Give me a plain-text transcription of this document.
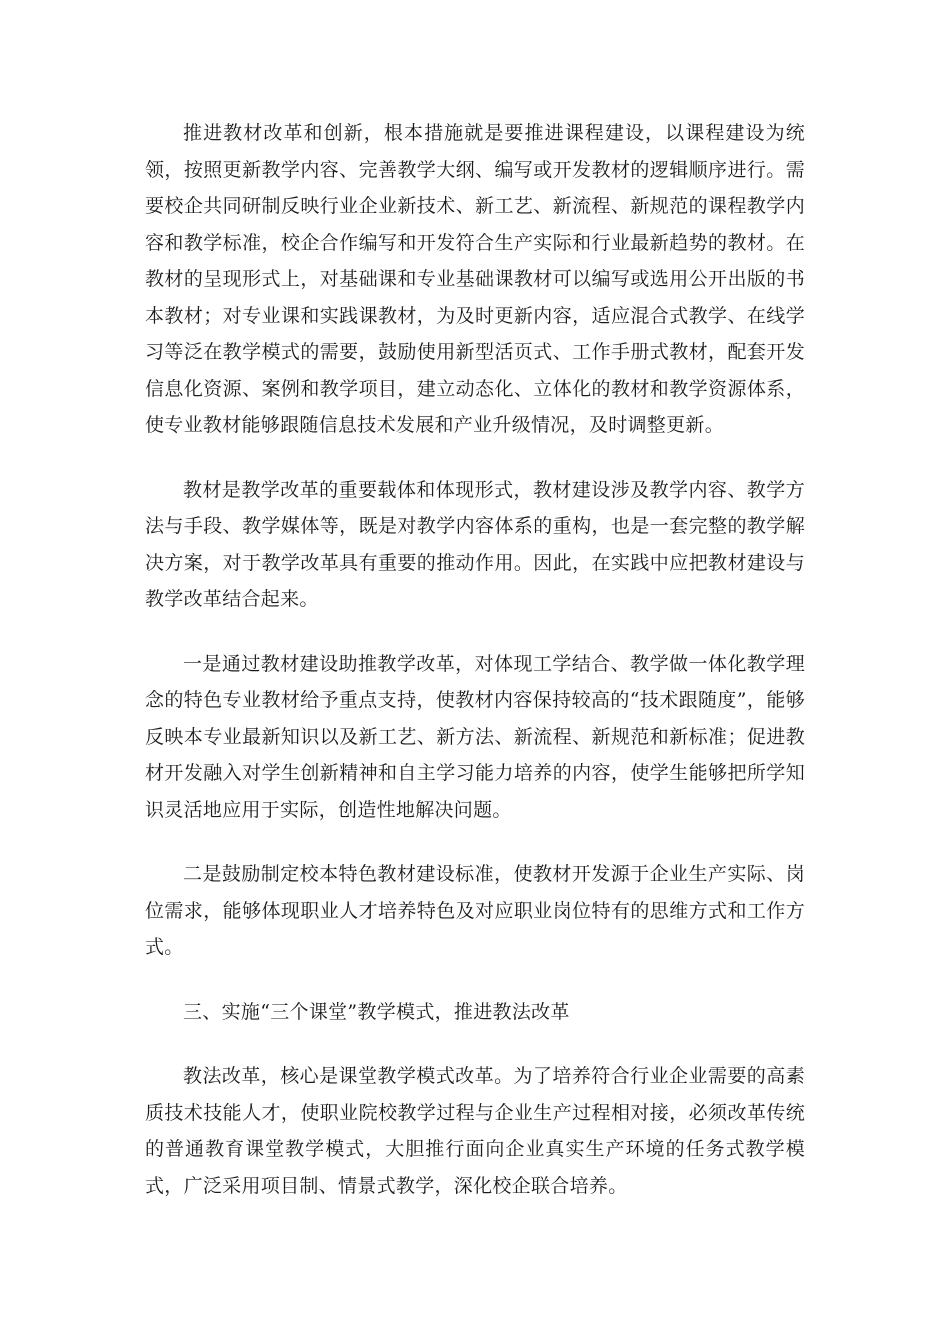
推进教材改革和创新，根本措施就是要推进课程建设，以课程建设为统领，按照更新教学内容、完善教学大纲、编写或开发教材的逻辑顺序进行。需要校企共同研制反映行业企业新技术、新工艺、新流程、新规范的课程教学内容和教学标准，校企合作编写和开发符合生产实际和行业最新趋势的教材。在教材的呈现形式上，对基础课和专业基础课教材可以编写或选用公开出版的书本教材；对专业课和实践课教材，为及时更新内容，适应混合式教学、在线学习等泛在教学模式的需要，鼓励使用新型活页式、工作手册式教材，配套开发信息化资源、案例和教学项目，建立动态化、立体化的教材和教学资源体系，使专业教材能够跟随信息技术发展和产业升级情况，及时调整更新。

教材是教学改革的重要载体和体现形式，教材建设涉及教学内容、教学方法与手段、教学媒体等，既是对教学内容体系的重构，也是一套完整的教学解决方案，对于教学改革具有重要的推动作用。因此，在实践中应把教材建设与教学改革结合起来。

一是通过教材建设助推教学改革，对体现工学结合、教学做一体化教学理念的特色专业教材给予重点支持，使教材内容保持较高的“技术跟随度”，能够反映本专业最新知识以及新工艺、新方法、新流程、新规范和新标准；促进教材开发融入对学生创新精神和自主学习能力培养的内容，使学生能够把所学知识灵活地应用于实际，创造性地解决问题。

二是鼓励制定校本特色教材建设标准，使教材开发源于企业生产实际、岗位需求，能够体现职业人才培养特色及对应职业岗位特有的思维方式和工作方式。

三、实施“三个课堂”教学模式，推进教法改革

教法改革，核心是课堂教学模式改革。为了培养符合行业企业需要的高素质技术技能人才，使职业院校教学过程与企业生产过程相对接，必须改革传统的普通教育课堂教学模式，大胆推行面向企业真实生产环境的任务式教学模式，广泛采用项目制、情景式教学，深化校企联合培养。
